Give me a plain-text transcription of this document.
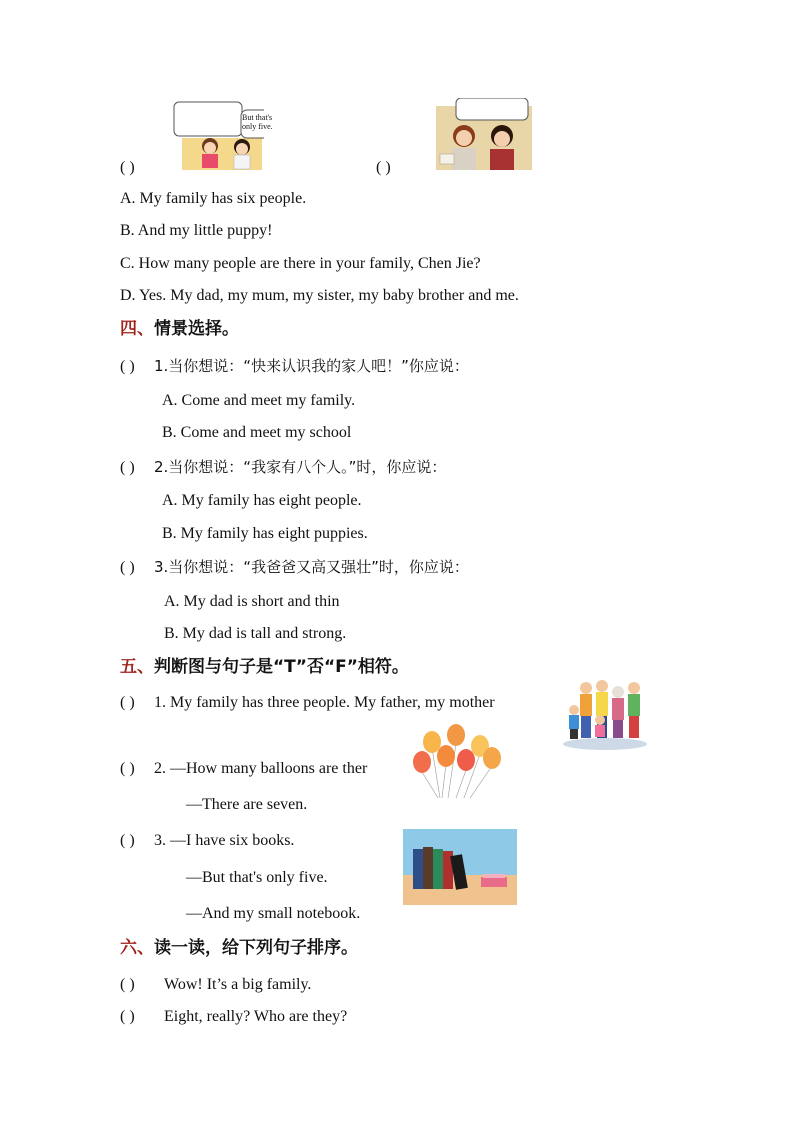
But that's only five.
( )	( )
A. My family has six people.
B. And my little puppy!
C. How many people are there in your family, Chen Jie?
D. Yes. My dad, my mum, my sister, my baby brother and me.
四、情景选择。
( ) 1.当你想说：“快来认识我的家人吧！”你应说：
A. Come and meet my family.
B. Come and meet my school
( ) 2.当你想说：“我家有八个人。”时，你应说：
A. My family has eight people.
B. My family has eight puppies.
( ) 3.当你想说：“我爸爸又高又强壮”时，你应说：
A. My dad is short and thin
B. My dad is tall and strong.
五、判断图与句子是“T”否“F”相符。
( ) 1. My family has three people. My father, my mother
( ) 2. —How many balloons are ther
—There are seven.
( ) 3. —I have six books.
—But that's only five.
—And my small notebook.
六、读一读，给下列句子排序。
( ) Wow! It’s a big family.
( ) Eight, really? Who are they?
